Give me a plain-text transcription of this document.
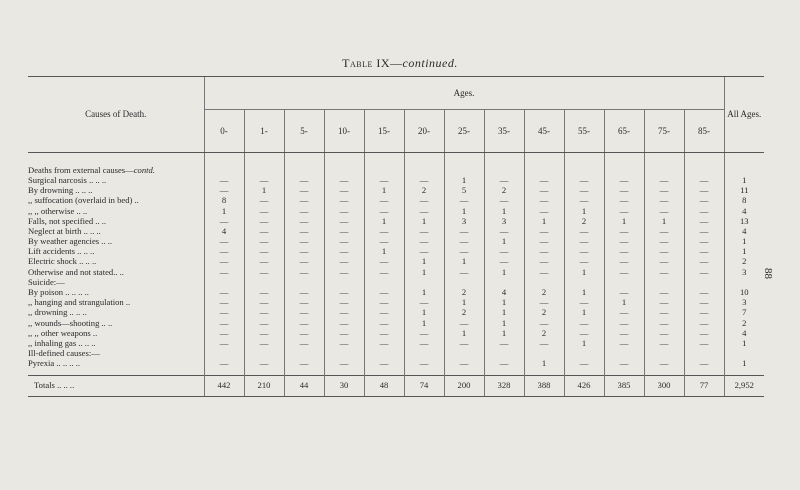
Table IX—continued.
88
Causes of Death.	Ages.													All Ages.
	0-	1-	5-	10-	15-	20-	25-	35-	45-	55-	65-	75-	85-	

Deaths from external causes—contd.														
Surgical narcosis .. .. ..	—	—	—	—	—	—	1	—	—	—	—	—	—	1
By drowning .. .. ..	—	1	—	—	1	2	5	2	—	—	—	—	—	11
,, suffocation (overlaid in bed) ..	8	—	—	—	—	—	—	—	—	—	—	—	—	8
,, ,, otherwise .. ..	1	—	—	—	—	—	1	1	—	1	—	—	—	4
Falls, not specified .. ..	—	—	—	—	1	1	3	3	1	2	1	1	—	13
Neglect at birth .. .. ..	4	—	—	—	—	—	—	—	—	—	—	—	—	4
By weather agencies .. ..	—	—	—	—	—	—	—	1	—	—	—	—	—	1
Lift accidents .. .. ..	—	—	—	—	1	—	—	—	—	—	—	—	—	1
Electric shock .. .. ..	—	—	—	—	—	1	1	—	—	—	—	—	—	2
Otherwise and not stated.. ..	—	—	—	—	—	1	—	1	—	1	—	—	—	3
Suicide:—														
By poison .. .. .. ..	—	—	—	—	—	1	2	4	2	1	—	—	—	10
,, hanging and strangulation ..	—	—	—	—	—	—	1	1	—	—	1	—	—	3
,, drowning .. .. ..	—	—	—	—	—	1	2	1	2	1	—	—	—	7
,, wounds—shooting .. ..	—	—	—	—	—	1	—	1	—	—	—	—	—	2
,, ,, other weapons ..	—	—	—	—	—	—	1	1	2	—	—	—	—	4
,, inhaling gas .. .. ..	—	—	—	—	—	—	—	—	—	1	—	—	—	1
Ill-defined causes:—														
Pyrexia .. .. .. ..	—	—	—	—	—	—	—	—	1	—	—	—	—	1

Totals .. .. ..	442	210	44	30	48	74	200	328	388	426	385	300	77	2,952
